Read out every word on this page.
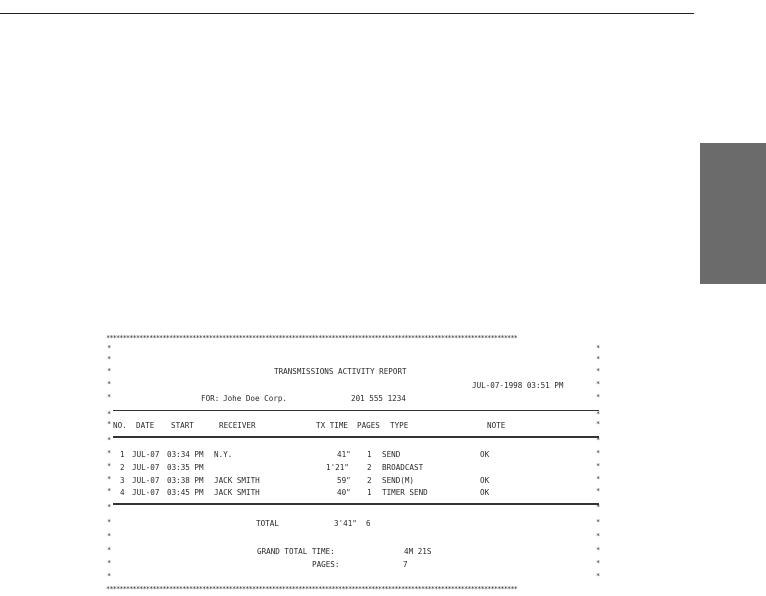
****************************************************************************************************************************
*
*
*
*
*
*
*
*
*
*
*
*
*
*
*
*
*
*
*
*
*
*
*
*
*
*
*
*
*
*
*
*
*
*
*
*
TRANSMISSIONS ACTIVITY REPORT
JUL-07-1998 03:51 PM
FOR: Johe Doe Corp.	201 555 1234
NO. DATE START	RECEIVER	TX TIME PAGES TYPE	NOTE
1 JUL-07 03:34 PM N.Y.	41" 1 SEND	OK
2 JUL-07 03:35 PM	1'21" 2 BROADCAST
3 JUL-07 03:38 PM JACK SMITH	59" 2 SEND(M)	OK
4 JUL-07 03:45 PM JACK SMITH	40" 1 TIMER SEND	OK
TOTAL	3'41" 6
GRAND TOTAL TIME:	4M 21S
PAGES:	7
****************************************************************************************************************************
